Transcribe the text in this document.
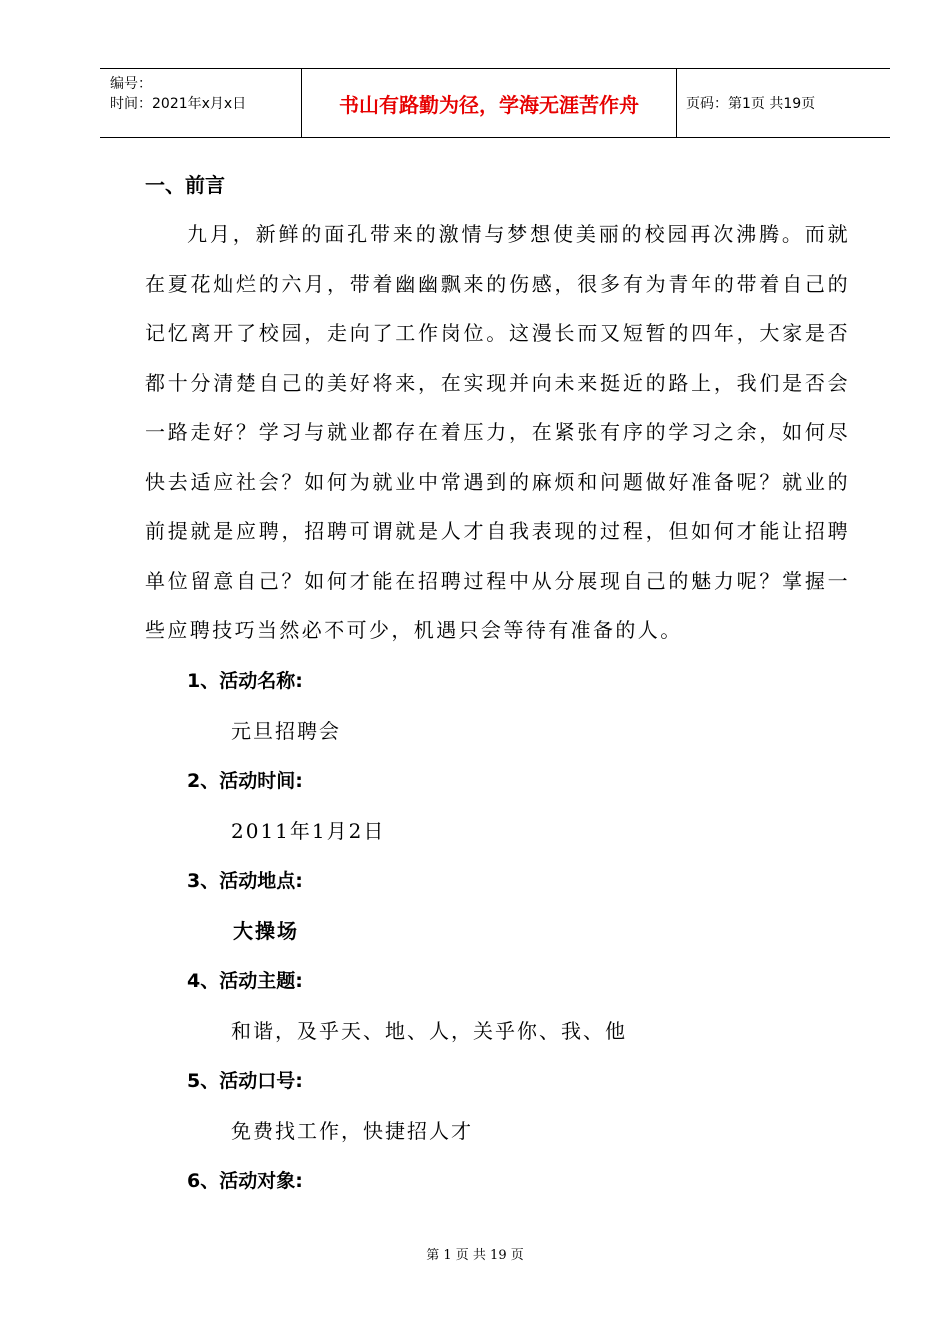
编号：
时间：2021年x月x日	书山有路勤为径，学海无涯苦作舟	页码：第1页 共19页
一、前言

九月，新鲜的面孔带来的激情与梦想使美丽的校园再次沸腾。而就在夏花灿烂的六月，带着幽幽飘来的伤感，很多有为青年的带着自己的记忆离开了校园，走向了工作岗位。这漫长而又短暂的四年，大家是否都十分清楚自己的美好将来，在实现并向未来挺近的路上，我们是否会一路走好？学习与就业都存在着压力，在紧张有序的学习之余，如何尽快去适应社会？如何为就业中常遇到的麻烦和问题做好准备呢？就业的前提就是应聘，招聘可谓就是人才自我表现的过程，但如何才能让招聘单位留意自己？如何才能在招聘过程中从分展现自己的魅力呢？掌握一些应聘技巧当然必不可少，机遇只会等待有准备的人。

1、活动名称:
元旦招聘会
2、活动时间:
2011年1月2日
3、活动地点:
大操场
4、活动主题:
和谐，及乎天、地、人，关乎你、我、他
5、活动口号:
免费找工作，快捷招人才
6、活动对象:
第 1 页 共 19 页
